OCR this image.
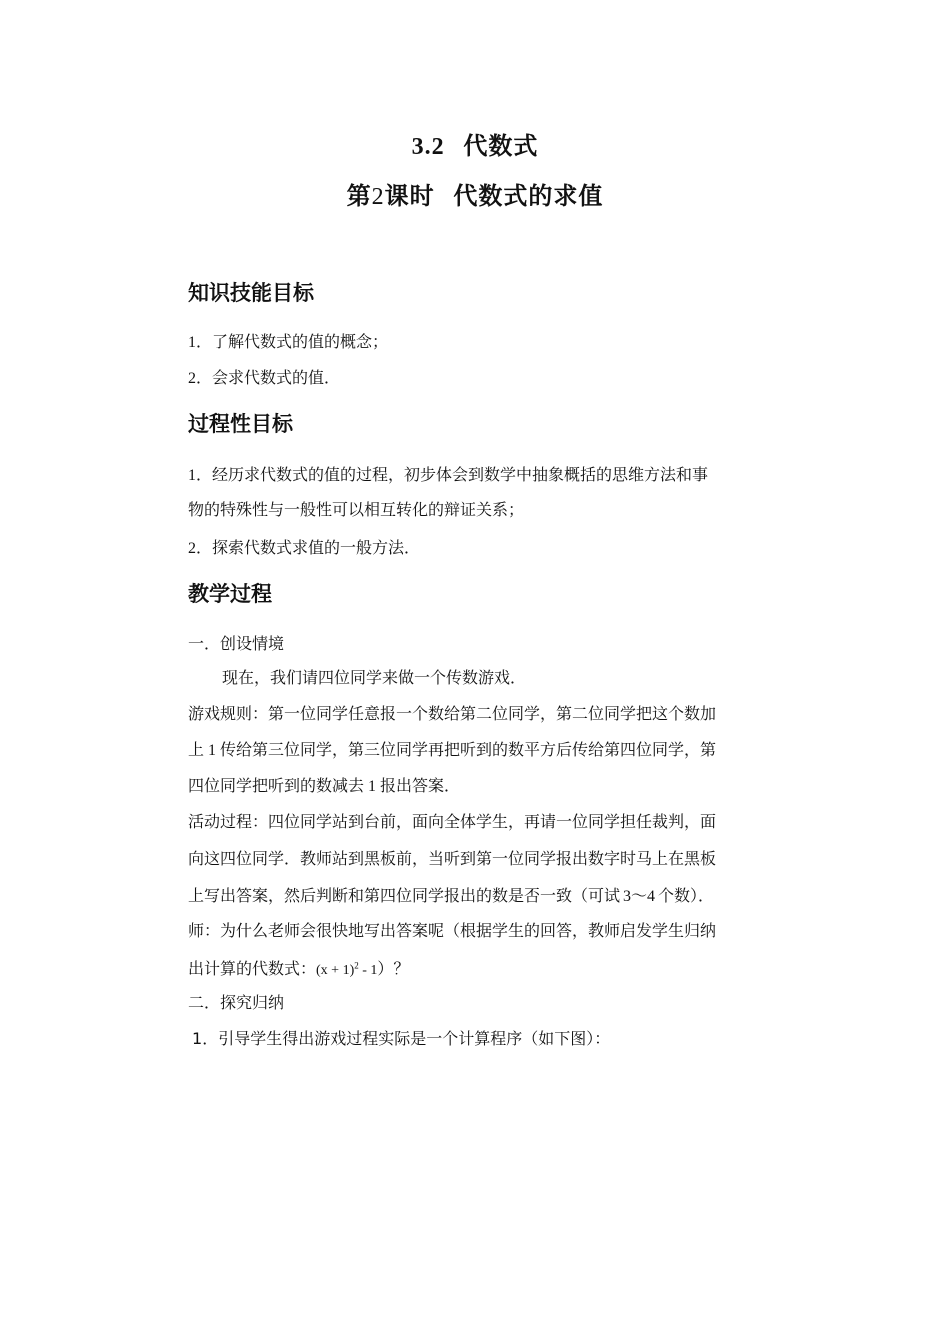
3.2 代数式
第2课时 代数式的求值
知识技能目标
1．了解代数式的值的概念；
2．会求代数式的值．
过程性目标
1．经历求代数式的值的过程，初步体会到数学中抽象概括的思维方法和事
物的特殊性与一般性可以相互转化的辩证关系；
2．探索代数式求值的一般方法．
教学过程
一．创设情境
现在，我们请四位同学来做一个传数游戏．
游戏规则：第一位同学任意报一个数给第二位同学，第二位同学把这个数加
上 1 传给第三位同学，第三位同学再把听到的数平方后传给第四位同学，第
四位同学把听到的数减去 1 报出答案．
活动过程：四位同学站到台前，面向全体学生，再请一位同学担任裁判，面
向这四位同学．教师站到黑板前，当听到第一位同学报出数字时马上在黑板
上写出答案，然后判断和第四位同学报出的数是否一致（可试 3～4 个数）．
师：为什么老师会很快地写出答案呢（根据学生的回答，教师启发学生归纳
出计算的代数式：$(x + 1)^2 - 1$）？
二．探究归纳
1．引导学生得出游戏过程实际是一个计算程序（如下图）：
